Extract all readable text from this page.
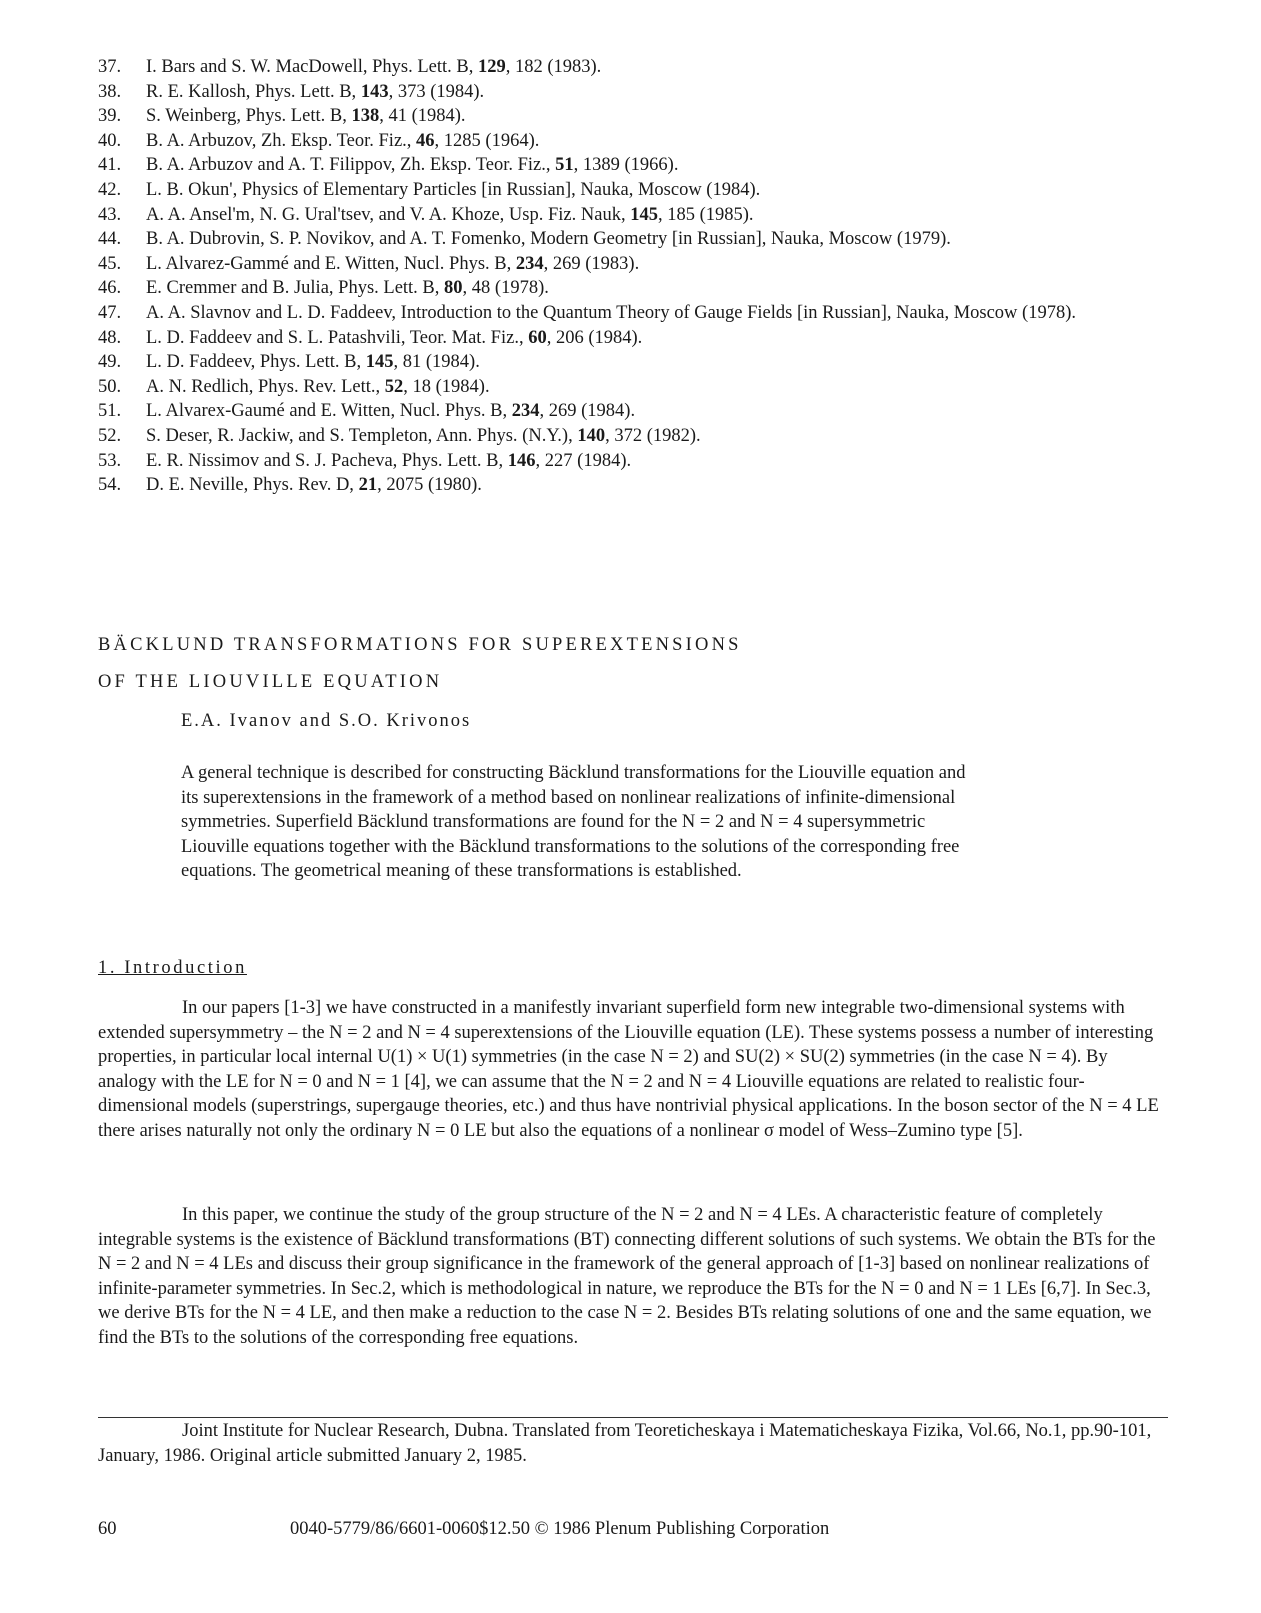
37. I. Bars and S. W. MacDowell, Phys. Lett. B, 129, 182 (1983).
38. R. E. Kallosh, Phys. Lett. B, 143, 373 (1984).
39. S. Weinberg, Phys. Lett. B, 138, 41 (1984).
40. B. A. Arbuzov, Zh. Eksp. Teor. Fiz., 46, 1285 (1964).
41. B. A. Arbuzov and A. T. Filippov, Zh. Eksp. Teor. Fiz., 51, 1389 (1966).
42. L. B. Okun', Physics of Elementary Particles [in Russian], Nauka, Moscow (1984).
43. A. A. Ansel'm, N. G. Ural'tsev, and V. A. Khoze, Usp. Fiz. Nauk, 145, 185 (1985).
44. B. A. Dubrovin, S. P. Novikov, and A. T. Fomenko, Modern Geometry [in Russian], Nauka, Moscow (1979).
45. L. Alvarez-Gammé and E. Witten, Nucl. Phys. B, 234, 269 (1983).
46. E. Cremmer and B. Julia, Phys. Lett. B, 80, 48 (1978).
47. A. A. Slavnov and L. D. Faddeev, Introduction to the Quantum Theory of Gauge Fields [in Russian], Nauka, Moscow (1978).
48. L. D. Faddeev and S. L. Patashvili, Teor. Mat. Fiz., 60, 206 (1984).
49. L. D. Faddeev, Phys. Lett. B, 145, 81 (1984).
50. A. N. Redlich, Phys. Rev. Lett., 52, 18 (1984).
51. L. Alvarex-Gaumé and E. Witten, Nucl. Phys. B, 234, 269 (1984).
52. S. Deser, R. Jackiw, and S. Templeton, Ann. Phys. (N.Y.), 140, 372 (1982).
53. E. R. Nissimov and S. J. Pacheva, Phys. Lett. B, 146, 227 (1984).
54. D. E. Neville, Phys. Rev. D, 21, 2075 (1980).
BÄCKLUND TRANSFORMATIONS FOR SUPEREXTENSIONS
OF THE LIOUVILLE EQUATION
E.A. Ivanov and S.O. Krivonos

A general technique is described for constructing Bäcklund transformations for the Liouville equation and its superextensions in the framework of a method based on nonlinear realizations of infinite-dimensional symmetries. Superfield Bäcklund transformations are found for the N = 2 and N = 4 supersymmetric Liouville equations together with the Bäcklund transformations to the solutions of the corresponding free equations. The geometrical meaning of these transformations is established.

1. Introduction

In our papers [1-3] we have constructed in a manifestly invariant superfield form new integrable two-dimensional systems with extended supersymmetry – the N = 2 and N = 4 superextensions of the Liouville equation (LE). These systems possess a number of interesting properties, in particular local internal U(1) × U(1) symmetries (in the case N = 2) and SU(2) × SU(2) symmetries (in the case N = 4). By analogy with the LE for N = 0 and N = 1 [4], we can assume that the N = 2 and N = 4 Liouville equations are related to realistic four-dimensional models (superstrings, supergauge theories, etc.) and thus have nontrivial physical applications. In the boson sector of the N = 4 LE there arises naturally not only the ordinary N = 0 LE but also the equations of a nonlinear σ model of Wess–Zumino type [5].

In this paper, we continue the study of the group structure of the N = 2 and N = 4 LEs. A characteristic feature of completely integrable systems is the existence of Bäcklund transformations (BT) connecting different solutions of such systems. We obtain the BTs for the N = 2 and N = 4 LEs and discuss their group significance in the framework of the general approach of [1-3] based on nonlinear realizations of infinite-parameter symmetries. In Sec.2, which is methodological in nature, we reproduce the BTs for the N = 0 and N = 1 LEs [6,7]. In Sec.3, we derive BTs for the N = 4 LE, and then make a reduction to the case N = 2. Besides BTs relating solutions of one and the same equation, we find the BTs to the solutions of the corresponding free equations.

Joint Institute for Nuclear Research, Dubna. Translated from Teoreticheskaya i Matematicheskaya Fizika, Vol.66, No.1, pp.90-101, January, 1986. Original article submitted January 2, 1985.

60	0040-5779/86/6601-0060$12.50 © 1986 Plenum Publishing Corporation
